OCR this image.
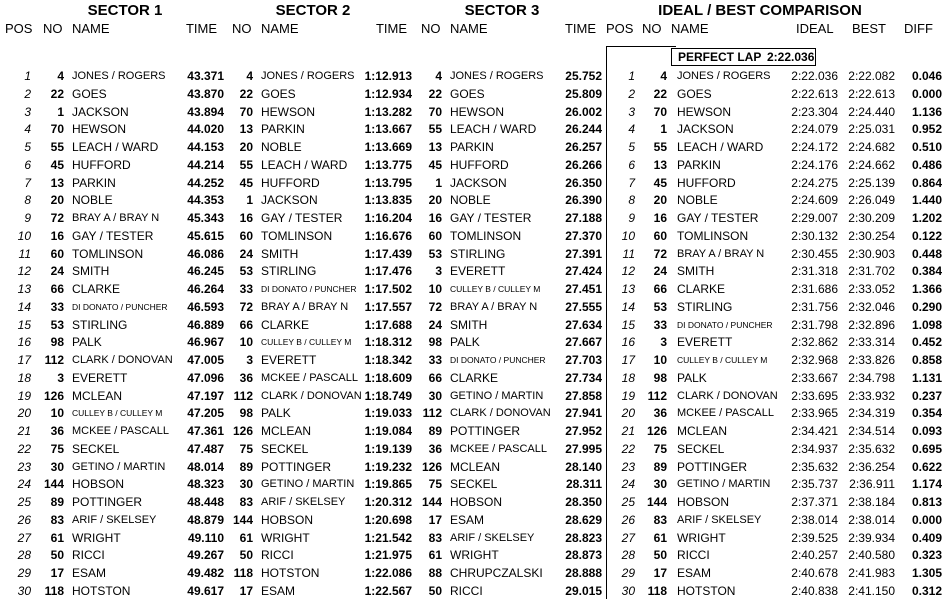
SECTOR 1	SECTOR 2	SECTOR 3	IDEAL / BEST COMPARISON
POS NO NAME	TIME NO NAME	TIME NO NAME	TIME POS NO NAME	IDEAL BEST DIFF
PERFECT LAP 2:22.036
1	4 JONES / ROGERS	43.371	4 JONES / ROGERS 1:12.913	4 JONES / ROGERS	25.752	1	4 JONES / ROGERS 2:22.036 2:22.082	0.046
2	22 GOES	43.870	22 GOES	1:12.934	22 GOES	25.809	2	22 GOES	2:22.613 2:22.613	0.000
3	1 JACKSON	43.894	70 HEWSON	1:13.282	70 HEWSON	26.002	3	70 HEWSON	2:23.304 2:24.440	1.136
4	70 HEWSON	44.020	13 PARKIN	1:13.667	55 LEACH / WARD	26.244	4	1 JACKSON	2:24.079 2:25.031	0.952
5	55 LEACH / WARD	44.153	20 NOBLE	1:13.669	13 PARKIN	26.257	5	55 LEACH / WARD 2:24.172 2:24.682	0.510
6	45 HUFFORD	44.214	55 LEACH / WARD	1:13.775	45 HUFFORD	26.266	6	13 PARKIN	2:24.176 2:24.662	0.486
7	13 PARKIN	44.252	45 HUFFORD	1:13.795	1 JACKSON	26.350	7	45 HUFFORD	2:24.275 2:25.139	0.864
8	20 NOBLE	44.353	1 JACKSON	1:13.835	20 NOBLE	26.390	8	20 NOBLE	2:24.609 2:26.049	1.440
9	72 BRAY A / BRAY N	45.343	16 GAY / TESTER	1:16.204	16 GAY / TESTER	27.188	9	16 GAY / TESTER	2:29.007 2:30.209	1.202
10	16 GAY / TESTER	45.615	60 TOMLINSON	1:16.676	60 TOMLINSON	27.370	10	60 TOMLINSON	2:30.132 2:30.254	0.122
11	60 TOMLINSON	46.086	24 SMITH	1:17.439	53 STIRLING	27.391	11	72 BRAY A / BRAY N 2:30.455 2:30.903	0.448
12	24 SMITH	46.245	53 STIRLING	1:17.476	3 EVERETT	27.424	12	24 SMITH	2:31.318 2:31.702	0.384
13	66 CLARKE	46.264	33 DI DONATO / PUNCHER 1:17.502	10 CULLEY B / CULLEY M	27.451	13	66 CLARKE	2:31.686 2:33.052	1.366
14	33 DI DONATO / PUNCHER	46.593	72 BRAY A / BRAY N	1:17.557	72 BRAY A / BRAY N	27.555	14	53 STIRLING	2:31.756 2:32.046	0.290
15	53 STIRLING	46.889	66 CLARKE	1:17.688	24 SMITH	27.634	15	33 DI DONATO / PUNCHER 2:31.798 2:32.896	1.098
16	98 PALK	46.967	10 CULLEY B / CULLEY M	1:18.312	98 PALK	27.667	16	3 EVERETT	2:32.862 2:33.314	0.452
17	112 CLARK / DONOVAN	47.005	3 EVERETT	1:18.342	33 DI DONATO / PUNCHER	27.703	17	10 CULLEY B / CULLEY M 2:32.968 2:33.826	0.858
18	3 EVERETT	47.096	36 MCKEE / PASCALL 1:18.609	66 CLARKE	27.734	18	98 PALK	2:33.667 2:34.798	1.131
19	126 MCLEAN	47.197 112 CLARK / DONOVAN 1:18.749	30 GETINO / MARTIN	27.858	19	112 CLARK / DONOVAN 2:33.695 2:33.932	0.237
20	10 CULLEY B / CULLEY M	47.205	98 PALK	1:19.033 112 CLARK / DONOVAN	27.941	20	36 MCKEE / PASCALL 2:33.965 2:34.319	0.354
21	36 MCKEE / PASCALL	47.361 126 MCLEAN	1:19.084	89 POTTINGER	27.952	21 126 MCLEAN	2:34.421 2:34.514	0.093
22	75 SECKEL	47.487	75 SECKEL	1:19.139	36 MCKEE / PASCALL	27.995	22	75 SECKEL	2:34.937 2:35.632	0.695
23	30 GETINO / MARTIN	48.014	89 POTTINGER	1:19.232 126 MCLEAN	28.140	23	89 POTTINGER	2:35.632 2:36.254	0.622
24	144 HOBSON	48.323	30 GETINO / MARTIN 1:19.865	75 SECKEL	28.311	24	30 GETINO / MARTIN 2:35.737 2:36.911	1.174
25	89 POTTINGER	48.448	83 ARIF / SKELSEY	1:20.312 144 HOBSON	28.350	25 144 HOBSON	2:37.371 2:38.184	0.813
26	83 ARIF / SKELSEY	48.879 144 HOBSON	1:20.698	17 ESAM	28.629	26	83 ARIF / SKELSEY 2:38.014 2:38.014	0.000
27	61 WRIGHT	49.110	61 WRIGHT	1:21.542	83 ARIF / SKELSEY	28.823	27	61 WRIGHT	2:39.525 2:39.934	0.409
28	50 RICCI	49.267	50 RICCI	1:21.975	61 WRIGHT	28.873	28	50 RICCI	2:40.257 2:40.580	0.323
29	17 ESAM	49.482 118 HOTSTON	1:22.086	88 CHRUPCZALSKI	28.888	29	17 ESAM	2:40.678 2:41.983	1.305
30	118 HOTSTON	49.617	17 ESAM	1:22.567	50 RICCI	29.015	30	118 HOTSTON	2:40.838 2:41.150	0.312
